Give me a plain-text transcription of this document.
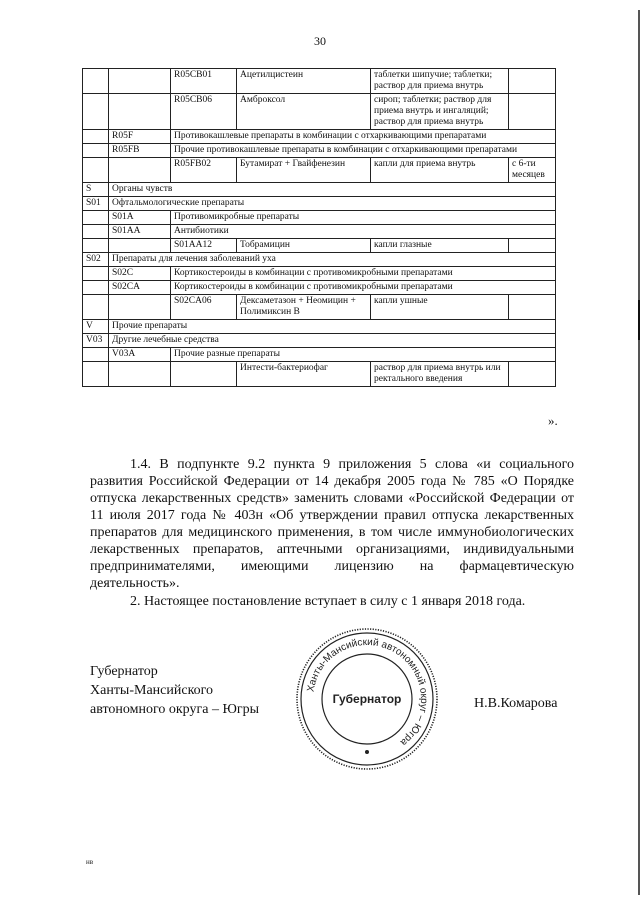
30
		R05CB01	Ацетилцистеин	таблетки шипучие; таблетки; раствор для приема внутрь	
		R05CB06	Амброксол	сироп; таблетки; раствор для приема внутрь и ингаляций; раствор для приема внутрь	
	R05F	Противокашлевые препараты в комбинации с отхаркивающими препаратами			
	R05FB	Прочие противокашлевые препараты в комбинации с отхаркивающими препаратами			
		R05FB02	Бутамират + Гвайфенезин	капли для приема внутрь	с 6-ти месяцев
S	Органы чувств				
S01	Офтальмологические препараты				
	S01A	Противомикробные препараты			
	S01AA	Антибиотики			
		S01AA12	Тобрамицин	капли глазные	
S02	Препараты для лечения заболеваний уха				
	S02C	Кортикостероиды в комбинации с противомикробными препаратами			
	S02CA	Кортикостероиды в комбинации с противомикробными препаратами			
		S02CA06	Дексаметазон + Неомицин + Полимиксин В	капли ушные	
V	Прочие препараты				
V03	Другие лечебные средства				
	V03A	Прочие разные препараты			
			Интести-бактериофаг	раствор для приема внутрь или ректального введения	
».
1.4. В подпункте 9.2 пункта 9 приложения 5 слова «и социального развития Российской Федерации от 14 декабря 2005 года № 785 «О Порядке отпуска лекарственных средств» заменить словами «Российской Федерации от 11 июля 2017 года № 403н «Об утверждении правил отпуска лекарственных препаратов для медицинского применения, в том числе иммунобиологических лекарственных препаратов, аптечными организациями, индивидуальными предпринимателями, имеющими лицензию на фармацевтическую деятельность».
2. Настоящее постановление вступает в силу с 1 января 2018 года.
Губернатор
Ханты-Мансийского
автономного округа – Югры
Ханты-Мансийский автономный округ – Югра
Губернатор	Н.В.Комарова
нв
